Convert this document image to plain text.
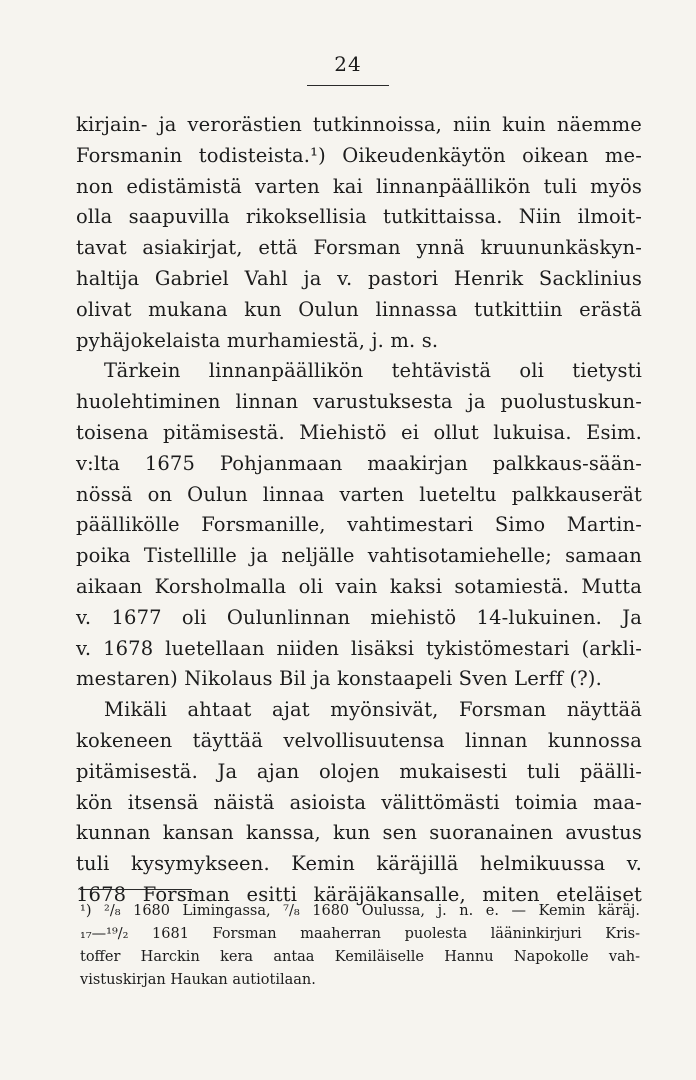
24
kirjain- ja verorästien tutkinnoissa, niin kuin näemme
Forsmanin todisteista.¹) Oikeudenkäytön oikean me-
non edistämistä varten kai linnanpäällikön tuli myös
olla saapuvilla rikoksellisia tutkittaissa. Niin ilmoit-
tavat asiakirjat, että Forsman ynnä kruununkäskyn-
haltija Gabriel Vahl ja v. pastori Henrik Sacklinius
olivat mukana kun Oulun linnassa tutkittiin erästä
pyhäjokelaista murhamiestä, j. m. s.
Tärkein linnanpäällikön tehtävistä oli tietysti
huolehtiminen linnan varustuksesta ja puolustuskun-
toisena pitämisestä. Miehistö ei ollut lukuisa. Esim.
v:lta 1675 Pohjanmaan maakirjan palkkaus-sään-
nössä on Oulun linnaa varten lueteltu palkkauserät
päällikölle Forsmanille, vahtimestari Simo Martin-
poika Tistellille ja neljälle vahtisotamiehelle; samaan
aikaan Korsholmalla oli vain kaksi sotamiestä. Mutta
v. 1677 oli Oulunlinnan miehistö 14-lukuinen. Ja
v. 1678 luetellaan niiden lisäksi tykistömestari (arkli-
mestaren) Nikolaus Bil ja konstaapeli Sven Lerff (?).
Mikäli ahtaat ajat myönsivät, Forsman näyttää
kokeneen täyttää velvollisuutensa linnan kunnossa
pitämisestä. Ja ajan olojen mukaisesti tuli päälli-
kön itsensä näistä asioista välittömästi toimia maa-
kunnan kansan kanssa, kun sen suoranainen avustus
tuli kysymykseen. Kemin käräjillä helmikuussa v.
1678 Forsman esitti käräjäkansalle, miten eteläiset
¹) ²/₈ 1680 Limingassa, ⁷/₈ 1680 Oulussa, j. n. e. — Kemin käräj.
₁₇—¹⁹/₂ 1681 Forsman maaherran puolesta lääninkirjuri Kris-
toffer Harckin kera antaa Kemiläiselle Hannu Napokolle vah-
vistuskirjan Haukan autiotilaan.
